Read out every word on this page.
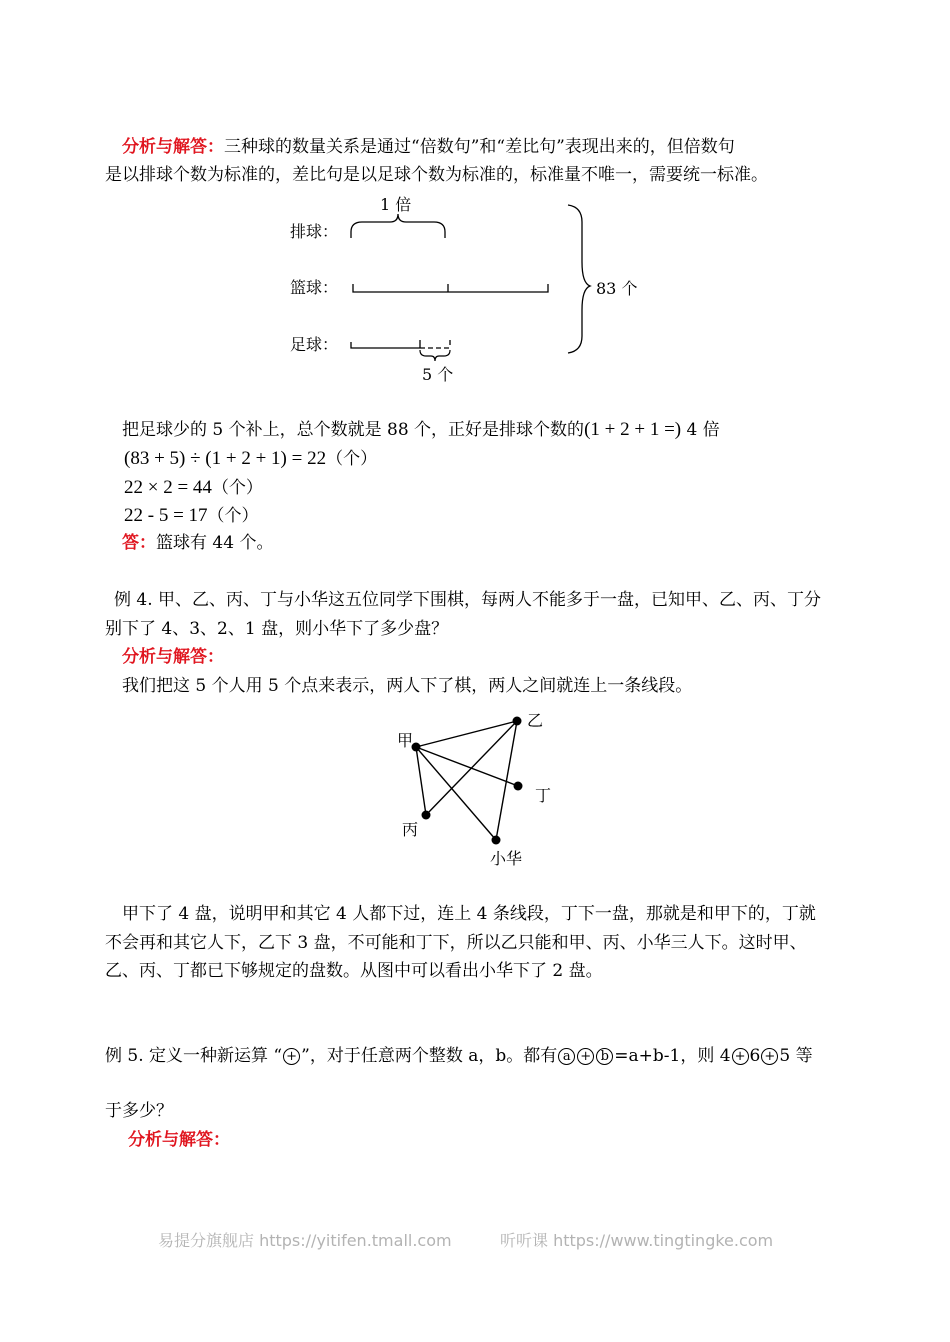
分析与解答：三种球的数量关系是通过“倍数句”和“差比句”表现出来的，但倍数句
是以排球个数为标准的，差比句是以足球个数为标准的，标准量不唯一，需要统一标准。
1 倍
排球：
篮球：
足球：
5 个
83 个
把足球少的 5 个补上，总个数就是 88 个，正好是排球个数的(1 + 2 + 1 =) 4 倍
(83 + 5) ÷ (1 + 2 + 1) = 22（个）
22 × 2 = 44（个）
22 - 5 = 17（个）
答：篮球有 44 个。
例 4. 甲、乙、丙、丁与小华这五位同学下围棋，每两人不能多于一盘，已知甲、乙、丙、丁分
别下了 4、3、2、1 盘，则小华下了多少盘？
分析与解答：
我们把这 5 个人用 5 个点来表示，两人下了棋，两人之间就连上一条线段。
甲
乙
丁
丙
小华
甲下了 4 盘，说明甲和其它 4 人都下过，连上 4 条线段，丁下一盘，那就是和甲下的，丁就
不会再和其它人下，乙下 3 盘，不可能和丁下，所以乙只能和甲、丙、小华三人下。这时甲、
乙、丙、丁都已下够规定的盘数。从图中可以看出小华下了 2 盘。
例 5. 定义一种新运算 “ + ”，对于任意两个整数 a，b。都有 a + b =a+b-1，则 4 + 6 + 5 等
于多少？
分析与解答：
易提分旗舰店 https://yitifen.tmall.com	听听课 https://www.tingtingke.com
